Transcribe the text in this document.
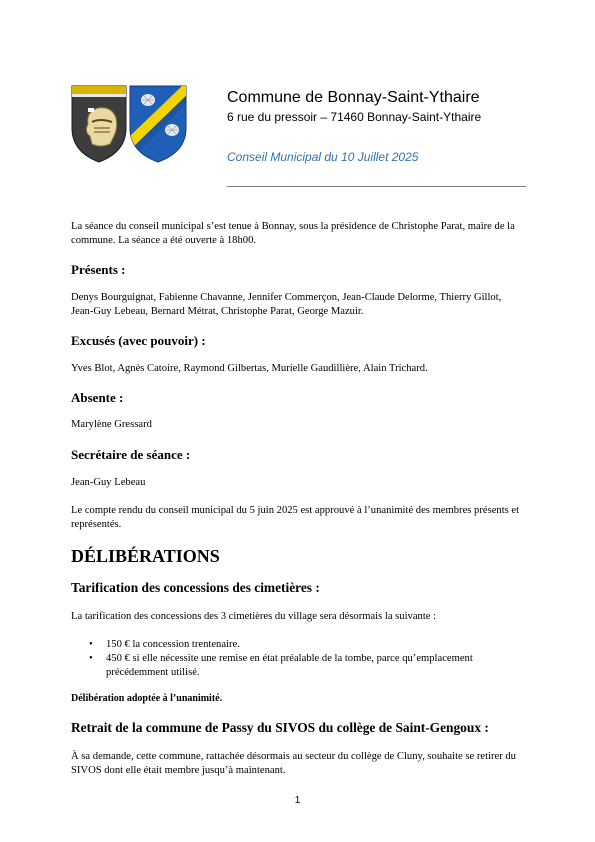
Commune de Bonnay-Saint-Ythaire
6 rue du pressoir – 71460 Bonnay-Saint-Ythaire
Conseil Municipal du 10 Juillet 2025
La séance du conseil municipal s’est tenue à Bonnay, sous la présidence de Christophe Parat, maire de la commune. La séance a été ouverte à 18h00.
Présents :
Denys Bourguignat, Fabienne Chavanne, Jennifer Commerçon, Jean-Claude Delorme, Thierry Gillot, Jean-Guy Lebeau, Bernard Métrat, Christophe Parat, George Mazuir.
Excusés (avec pouvoir) :
Yves Blot, Agnès Catoire, Raymond Gilbertas, Murielle Gaudillière, Alain Trichard.
Absente :
Marylène Gressard
Secrétaire de séance :
Jean-Guy Lebeau
Le compte rendu du conseil municipal du 5 juin 2025 est approuvé à l’unanimité des membres présents et représentés.
DÉLIBÉRATIONS
Tarification des concessions des cimetières :
La tarification des concessions des 3 cimetières du village sera désormais la suivante :
• 150 € la concession trentenaire.
• 450 € si elle nécessite une remise en état préalable de la tombe, parce qu’emplacement précédemment utilisé.
Délibération adoptée à l’unanimité.
Retrait de la commune de Passy du SIVOS du collège de Saint-Gengoux :
À sa demande, cette commune, rattachée désormais au secteur du collège de Cluny, souhaite se retirer du SIVOS dont elle était membre jusqu’à maintenant.
1
